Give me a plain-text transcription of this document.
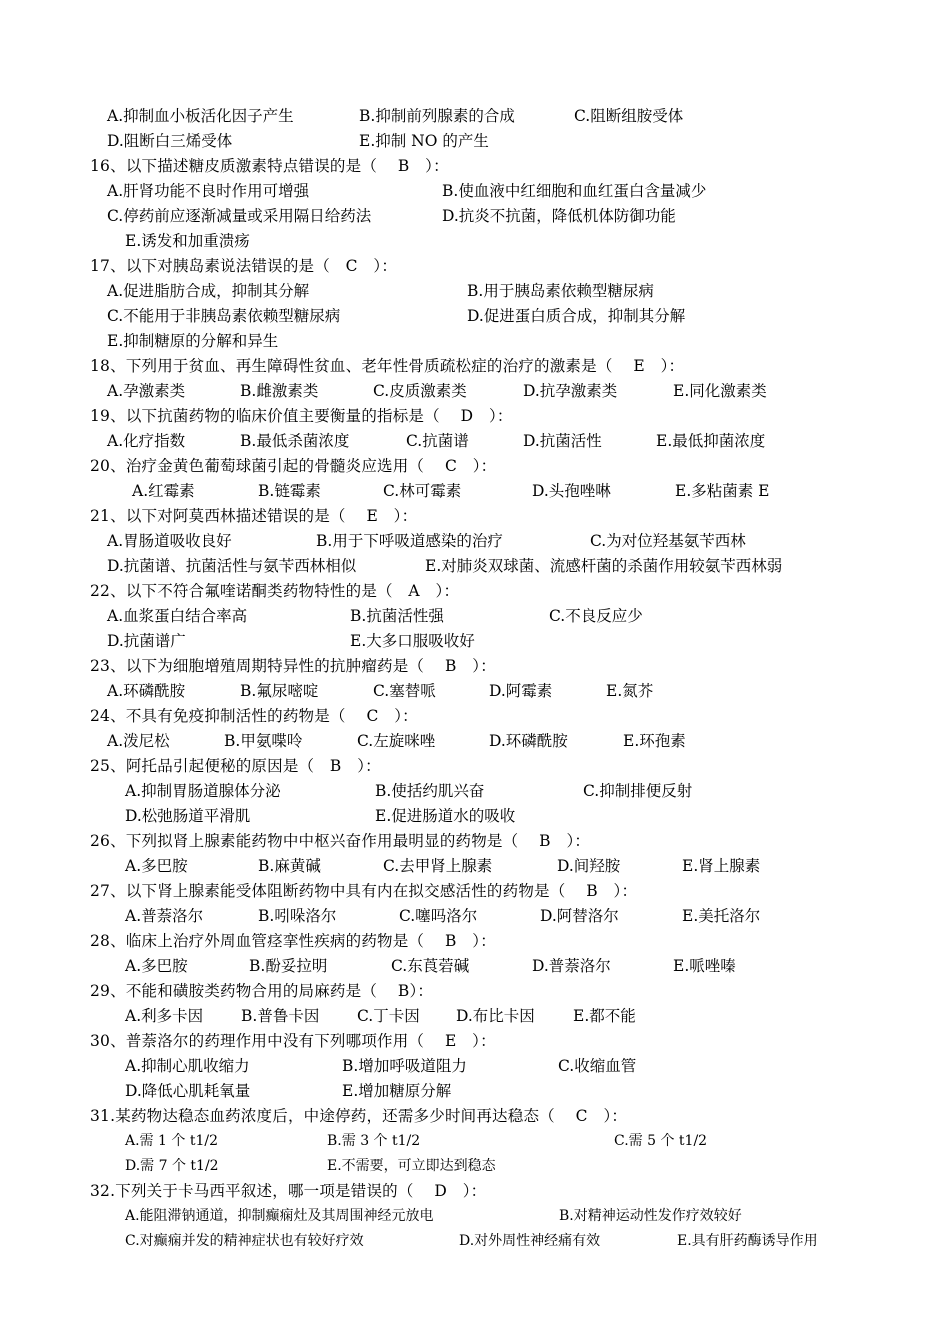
A.抑制血小板活化因子产生	B.抑制前列腺素的合成	C.阻断组胺受体
D.阻断白三烯受体	E.抑制 NO 的产生
16、以下描述糖皮质激素特点错误的是（　 B　）：
A.肝肾功能不良时作用可增强	B.使血液中红细胞和血红蛋白含量减少
C.停药前应逐渐减量或采用隔日给药法	D.抗炎不抗菌，降低机体防御功能
E.诱发和加重溃疡
17、以下对胰岛素说法错误的是（　C　）：
A.促进脂肪合成，抑制其分解	B.用于胰岛素依赖型糖尿病
C.不能用于非胰岛素依赖型糖尿病	D.促进蛋白质合成，抑制其分解
E.抑制糖原的分解和异生
18、下列用于贫血、再生障碍性贫血、老年性骨质疏松症的治疗的激素是（　 E　）：
A.孕激素类	B.雌激素类	C.皮质激素类	D.抗孕激素类	E.同化激素类
19、以下抗菌药物的临床价值主要衡量的指标是（　 D　）：
A.化疗指数	B.最低杀菌浓度	C.抗菌谱	D.抗菌活性	E.最低抑菌浓度
20、治疗金黄色葡萄球菌引起的骨髓炎应选用（　 C　）：
A.红霉素	B.链霉素	C.林可霉素	D.头孢唑啉	E.多粘菌素 E
21、以下对阿莫西林描述错误的是（　 E　）：
A.胃肠道吸收良好	B.用于下呼吸道感染的治疗	C.为对位羟基氨苄西林
D.抗菌谱、抗菌活性与氨苄西林相似	E.对肺炎双球菌、流感杆菌的杀菌作用较氨苄西林弱
22、以下不符合氟喹诺酮类药物特性的是（　A　）：
A.血浆蛋白结合率高	B.抗菌活性强	C.不良反应少
D.抗菌谱广	E.大多口服吸收好
23、以下为细胞增殖周期特异性的抗肿瘤药是（　 B　）：
A.环磷酰胺	B.氟尿嘧啶	C.塞替哌	D.阿霉素	E.氮芥
24、不具有免疫抑制活性的药物是（　 C　）：
A.泼尼松	B.甲氨喋呤	C.左旋咪唑	D.环磷酰胺	E.环孢素
25、阿托品引起便秘的原因是（　B　）：
A.抑制胃肠道腺体分泌	B.使括约肌兴奋	C.抑制排便反射
D.松弛肠道平滑肌	E.促进肠道水的吸收
26、下列拟肾上腺素能药物中中枢兴奋作用最明显的药物是（　 B　）：
A.多巴胺	B.麻黄碱	C.去甲肾上腺素	D.间羟胺	E.肾上腺素
27、以下肾上腺素能受体阻断药物中具有内在拟交感活性的药物是（　 B　）：
A.普萘洛尔	B.吲哚洛尔	C.噻吗洛尔	D.阿替洛尔	E.美托洛尔
28、临床上治疗外周血管痉挛性疾病的药物是（　 B　）：
A.多巴胺	B.酚妥拉明	C.东莨菪碱	D.普萘洛尔	E.哌唑嗪
29、不能和磺胺类药物合用的局麻药是（　 B）：
A.利多卡因 B.普鲁卡因 C.丁卡因 D.布比卡因 E.都不能
30、普萘洛尔的药理作用中没有下列哪项作用（　 E　）：
A.抑制心肌收缩力	B.增加呼吸道阻力	C.收缩血管
D.降低心肌耗氧量	E.增加糖原分解
31.某药物达稳态血药浓度后，中途停药，还需多少时间再达稳态（　 C　）：
A.需 1 个 t1/2	B.需 3 个 t1/2	C.需 5 个 t1/2
D.需 7 个 t1/2	E.不需要，可立即达到稳态
32.下列关于卡马西平叙述，哪一项是错误的（　 D　）：
A.能阻滞钠通道，抑制癫痫灶及其周围神经元放电	B.对精神运动性发作疗效较好
C.对癫痫并发的精神症状也有较好疗效	D.对外周性神经痛有效	E.具有肝药酶诱导作用
